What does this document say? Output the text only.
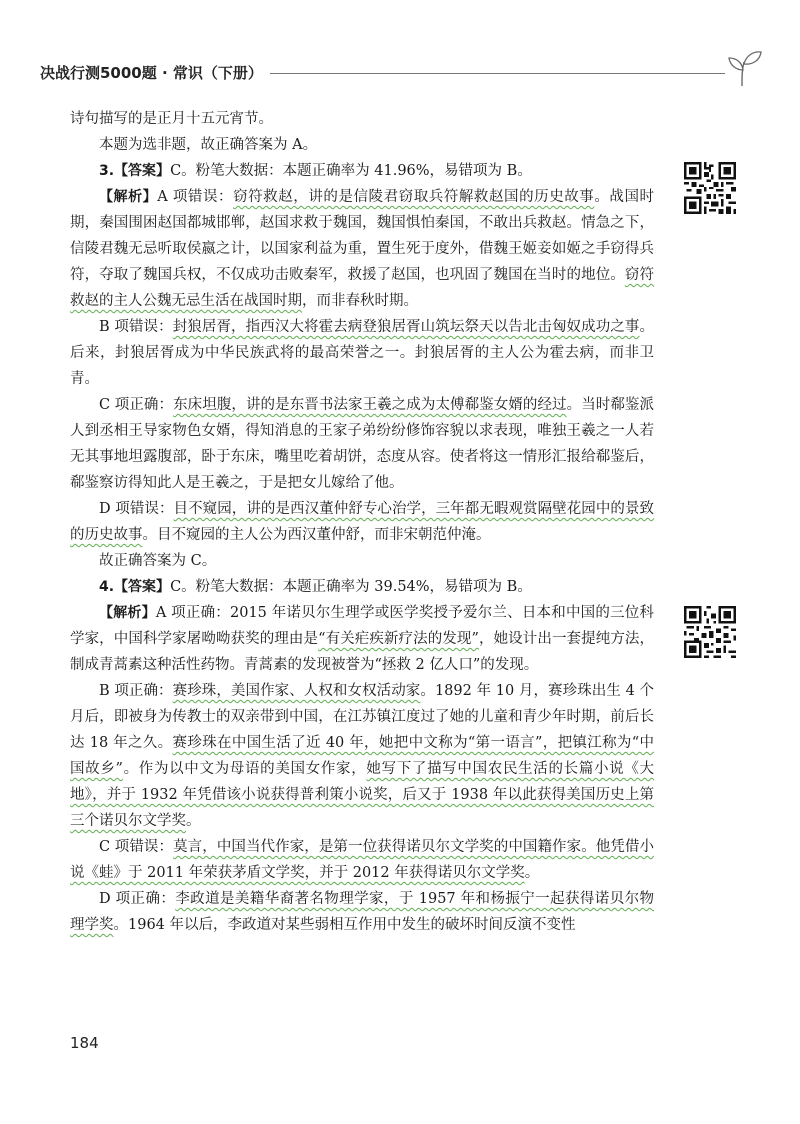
决战行测5000题 · 常识（下册）

诗句描写的是正月十五元宵节。

本题为选非题，故正确答案为 A。

3.【答案】C。粉笔大数据：本题正确率为 41.96%，易错项为 B。

【解析】A 项错误：窃符救赵，讲的是信陵君窃取兵符解救赵国的历史故事。战国时期，秦国围困赵国都城邯郸，赵国求救于魏国，魏国惧怕秦国，不敢出兵救赵。情急之下，信陵君魏无忌听取侯嬴之计，以国家利益为重，置生死于度外，借魏王姬妾如姬之手窃得兵符，夺取了魏国兵权，不仅成功击败秦军，救援了赵国，也巩固了魏国在当时的地位。窃符救赵的主人公魏无忌生活在战国时期，而非春秋时期。

B 项错误：封狼居胥，指西汉大将霍去病登狼居胥山筑坛祭天以告北击匈奴成功之事。后来，封狼居胥成为中华民族武将的最高荣誉之一。封狼居胥的主人公为霍去病，而非卫青。

C 项正确：东床坦腹，讲的是东晋书法家王羲之成为太傅郗鉴女婿的经过。当时郗鉴派人到丞相王导家物色女婿，得知消息的王家子弟纷纷修饰容貌以求表现，唯独王羲之一人若无其事地坦露腹部，卧于东床，嘴里吃着胡饼，态度从容。使者将这一情形汇报给郗鉴后，郗鉴察访得知此人是王羲之，于是把女儿嫁给了他。

D 项错误：目不窥园，讲的是西汉董仲舒专心治学，三年都无暇观赏隔壁花园中的景致的历史故事。目不窥园的主人公为西汉董仲舒，而非宋朝范仲淹。

故正确答案为 C。

4.【答案】C。粉笔大数据：本题正确率为 39.54%，易错项为 B。

【解析】A 项正确：2015 年诺贝尔生理学或医学奖授予爱尔兰、日本和中国的三位科学家，中国科学家屠呦呦获奖的理由是“有关疟疾新疗法的发现”，她设计出一套提纯方法，制成青蒿素这种活性药物。青蒿素的发现被誉为“拯救 2 亿人口”的发现。

B 项正确：赛珍珠，美国作家、人权和女权活动家。1892 年 10 月，赛珍珠出生 4 个月后，即被身为传教士的双亲带到中国，在江苏镇江度过了她的儿童和青少年时期，前后长达 18 年之久。赛珍珠在中国生活了近 40 年，她把中文称为“第一语言”，把镇江称为“中国故乡”。作为以中文为母语的美国女作家，她写下了描写中国农民生活的长篇小说《大地》，并于 1932 年凭借该小说获得普利策小说奖，后又于 1938 年以此获得美国历史上第三个诺贝尔文学奖。

C 项错误：莫言，中国当代作家，是第一位获得诺贝尔文学奖的中国籍作家。他凭借小说《蛙》于 2011 年荣获茅盾文学奖，并于 2012 年获得诺贝尔文学奖。

D 项正确：李政道是美籍华裔著名物理学家，于 1957 年和杨振宁一起获得诺贝尔物理学奖。1964 年以后，李政道对某些弱相互作用中发生的破坏时间反演不变性

184
